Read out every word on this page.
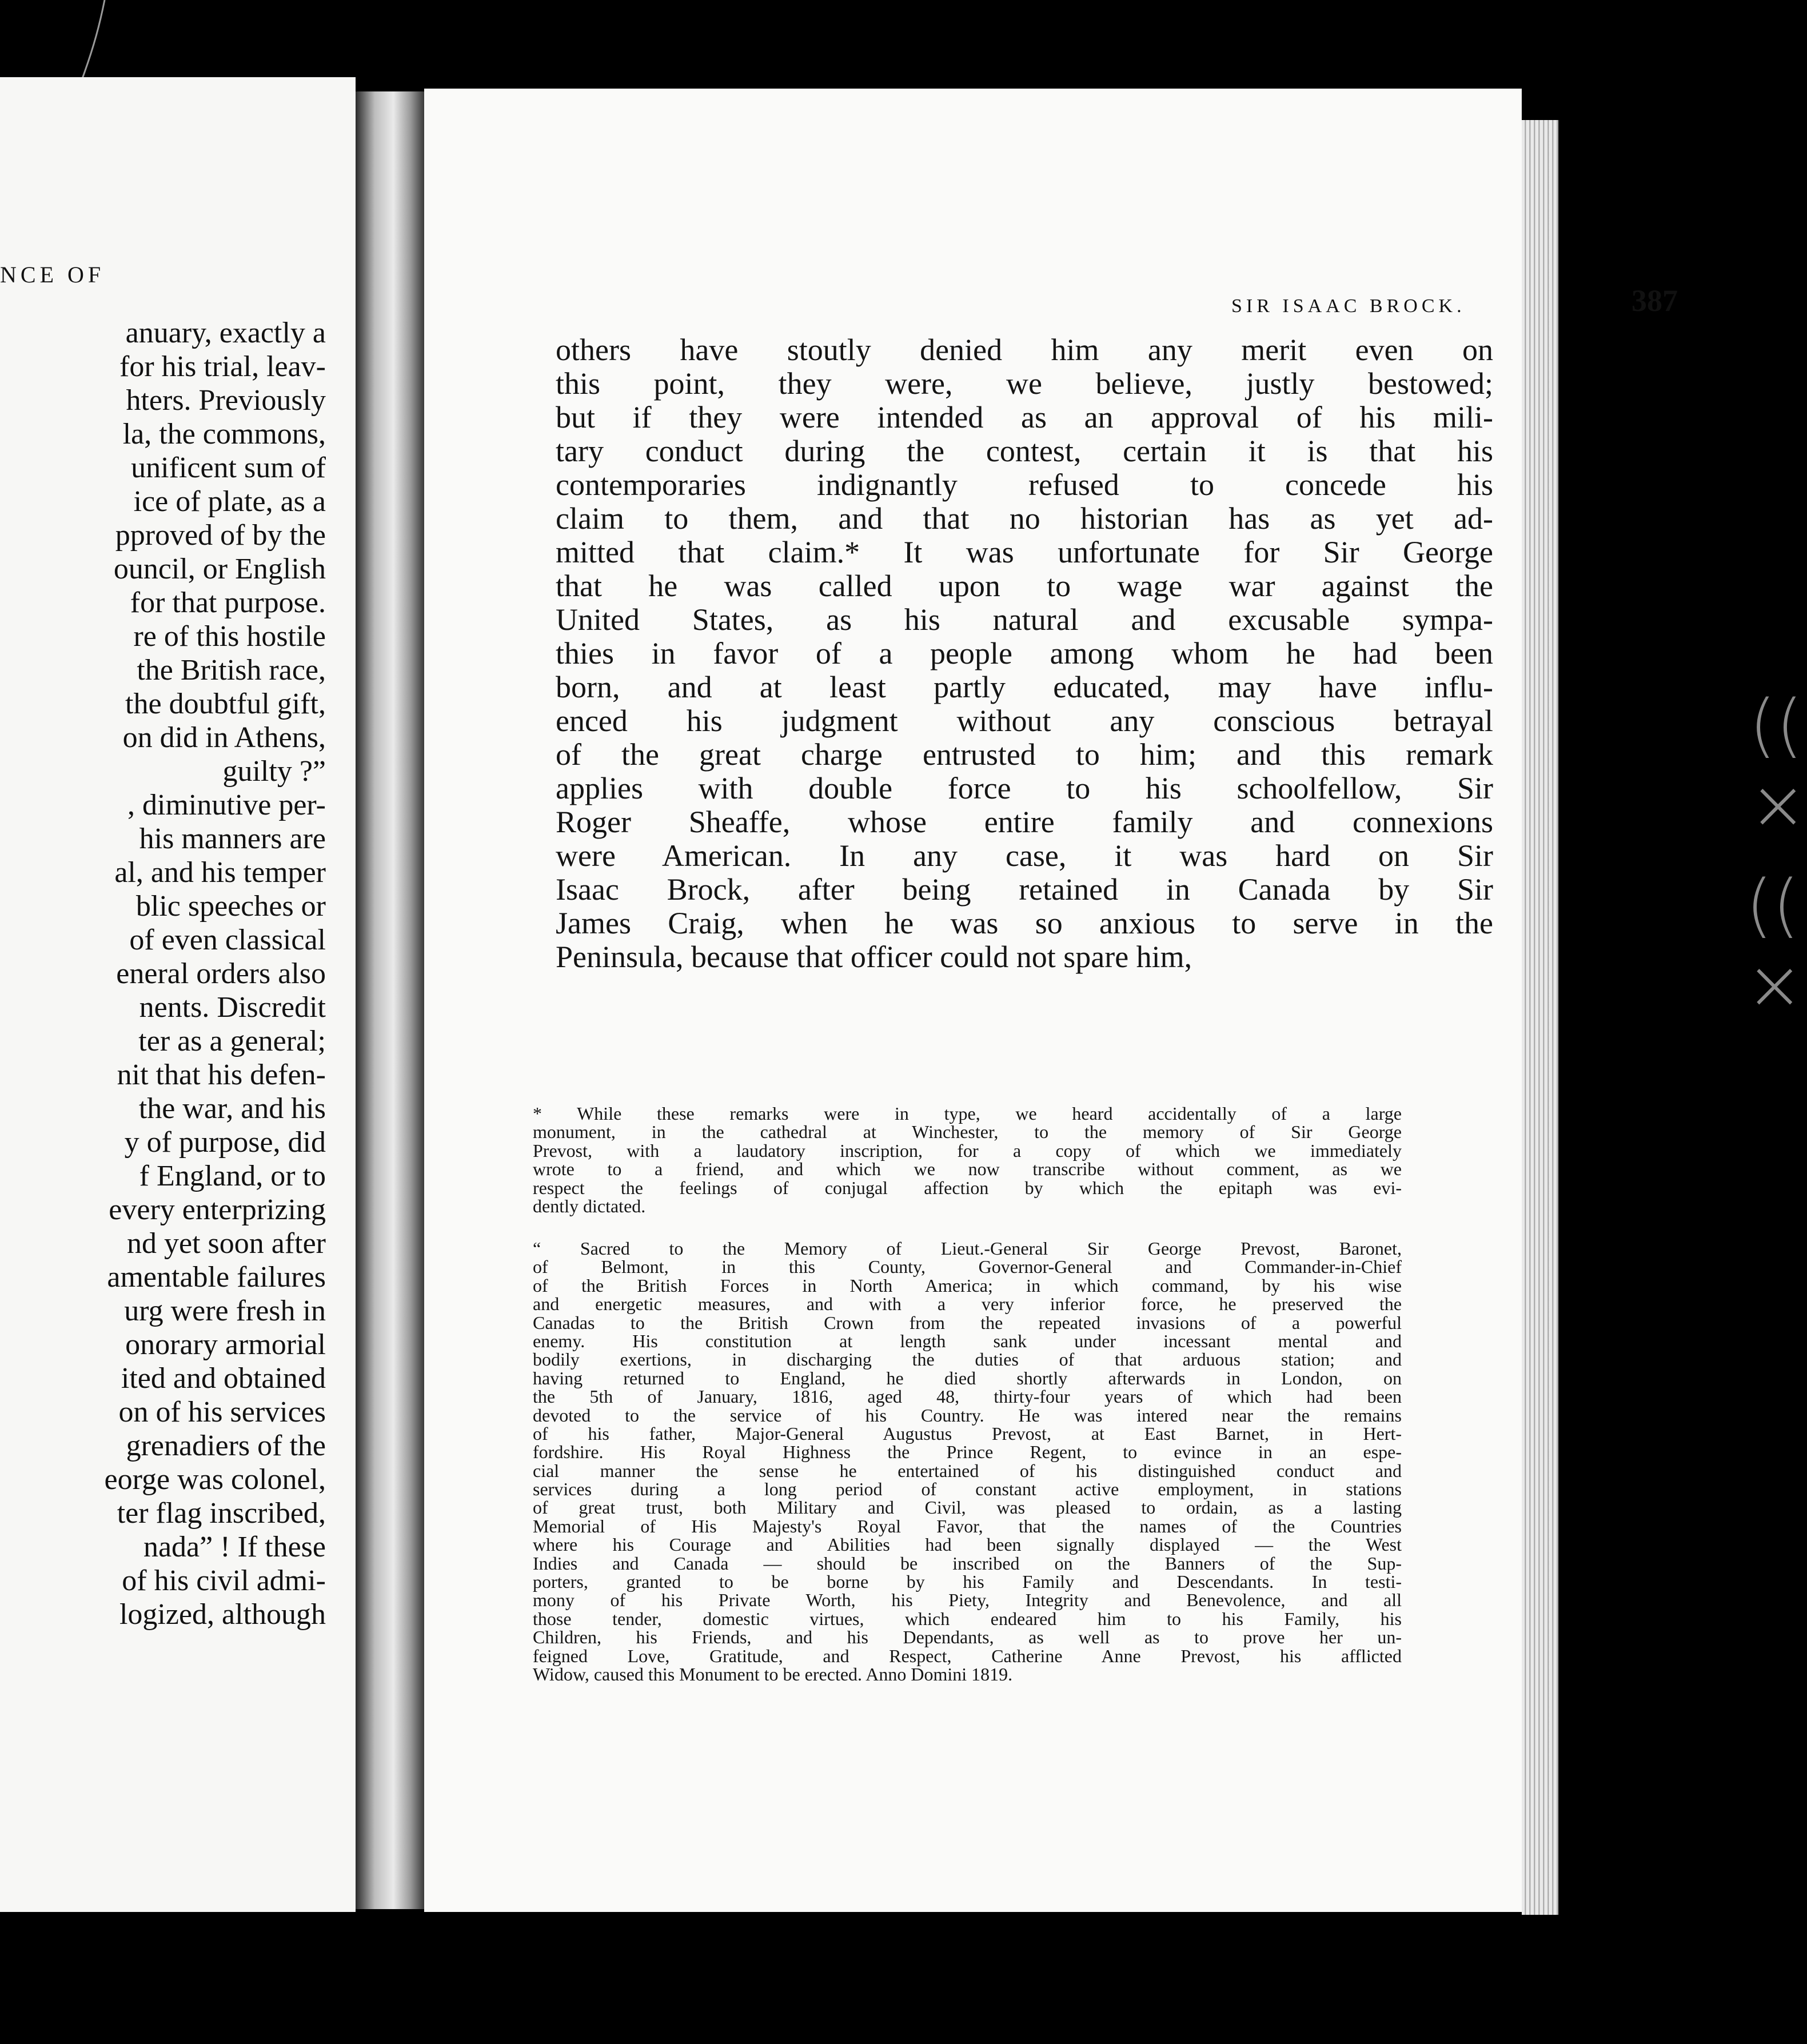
NCE OF
anuary, exactly a
for his trial, leav-
hters. Previously
la, the commons,
unificent sum of
ice of plate, as a
pproved of by the
ouncil, or English
for that purpose.
re of this hostile
the British race,
the doubtful gift,
on did in Athens,
guilty ?”
, diminutive per-
his manners are
al, and his temper
blic speeches or
of even classical
eneral orders also
nents. Discredit
ter as a general;
nit that his defen-
the war, and his
y of purpose, did
f England, or to
every enterprizing
nd yet soon after
amentable failures
urg were fresh in
onorary armorial
ited and obtained
on of his services
grenadiers of the
eorge was colonel,
ter flag inscribed,
nada” ! If these
of his civil admi-
logized, although
SIR ISAAC BROCK.	387
others have stoutly denied him any merit even on
this point, they were, we believe, justly bestowed;
but if they were intended as an approval of his mili-
tary conduct during the contest, certain it is that his
contemporaries indignantly refused to concede his
claim to them, and that no historian has as yet ad-
mitted that claim.* It was unfortunate for Sir George
that he was called upon to wage war against the
United States, as his natural and excusable sympa-
thies in favor of a people among whom he had been
born, and at least partly educated, may have influ-
enced his judgment without any conscious betrayal
of the great charge entrusted to him; and this remark
applies with double force to his schoolfellow, Sir
Roger Sheaffe, whose entire family and connexions
were American. In any case, it was hard on Sir
Isaac Brock, after being retained in Canada by Sir
James Craig, when he was so anxious to serve in the
Peninsula, because that officer could not spare him,
* While these remarks were in type, we heard accidentally of a large
monument, in the cathedral at Winchester, to the memory of Sir George
Prevost, with a laudatory inscription, for a copy of which we immediately
wrote to a friend, and which we now transcribe without comment, as we
respect the feelings of conjugal affection by which the epitaph was evi-
dently dictated.
“ Sacred to the Memory of Lieut.-General Sir George Prevost, Baronet,
of Belmont, in this County, Governor-General and Commander-in-Chief
of the British Forces in North America; in which command, by his wise
and energetic measures, and with a very inferior force, he preserved the
Canadas to the British Crown from the repeated invasions of a powerful
enemy. His constitution at length sank under incessant mental and
bodily exertions, in discharging the duties of that arduous station; and
having returned to England, he died shortly afterwards in London, on
the 5th of January, 1816, aged 48, thirty-four years of which had been
devoted to the service of his Country. He was intered near the remains
of his father, Major-General Augustus Prevost, at East Barnet, in Hert-
fordshire. His Royal Highness the Prince Regent, to evince in an espe-
cial manner the sense he entertained of his distinguished conduct and
services during a long period of constant active employment, in stations
of great trust, both Military and Civil, was pleased to ordain, as a lasting
Memorial of His Majesty's Royal Favor, that the names of the Countries
where his Courage and Abilities had been signally displayed — the West
Indies and Canada — should be inscribed on the Banners of the Sup-
porters, granted to be borne by his Family and Descendants. In testi-
mony of his Private Worth, his Piety, Integrity and Benevolence, and all
those tender, domestic virtues, which endeared him to his Family, his
Children, his Friends, and his Dependants, as well as to prove her un-
feigned Love, Gratitude, and Respect, Catherine Anne Prevost, his afflicted
Widow, caused this Monument to be erected. Anno Domini 1819.
(( ×
(( ×
